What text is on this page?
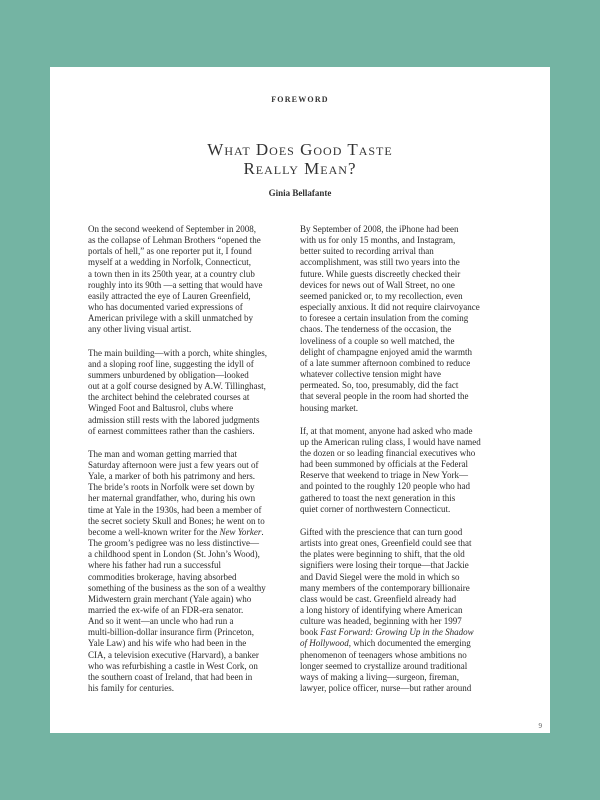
FOREWORD
What Does Good Taste
Really Mean?
Ginia Bellafante

On the second weekend of September in 2008,
as the collapse of Lehman Brothers “opened the
portals of hell,” as one reporter put it, I found
myself at a wedding in Norfolk, Connecticut,
a town then in its 250th year, at a country club
roughly into its 90th —a setting that would have
easily attracted the eye of Lauren Greenfield,
who has documented varied expressions of
American privilege with a skill unmatched by
any other living visual artist.

The main building—with a porch, white shingles,
and a sloping roof line, suggesting the idyll of
summers unburdened by obligation—looked
out at a golf course designed by A.W. Tillinghast,
the architect behind the celebrated courses at
Winged Foot and Baltusrol, clubs where
admission still rests with the labored judgments
of earnest committees rather than the cashiers.

The man and woman getting married that
Saturday afternoon were just a few years out of
Yale, a marker of both his patrimony and hers.
The bride’s roots in Norfolk were set down by
her maternal grandfather, who, during his own
time at Yale in the 1930s, had been a member of
the secret society Skull and Bones; he went on to
become a well-known writer for the New Yorker.
The groom’s pedigree was no less distinctive—
a childhood spent in London (St. John’s Wood),
where his father had run a successful
commodities brokerage, having absorbed
something of the business as the son of a wealthy
Midwestern grain merchant (Yale again) who
married the ex-wife of an FDR-era senator.
And so it went—an uncle who had run a
multi-billion-dollar insurance firm (Princeton,
Yale Law) and his wife who had been in the
CIA, a television executive (Harvard), a banker
who was refurbishing a castle in West Cork, on
the southern coast of Ireland, that had been in
his family for centuries.

By September of 2008, the iPhone had been
with us for only 15 months, and Instagram,
better suited to recording arrival than
accomplishment, was still two years into the
future. While guests discreetly checked their
devices for news out of Wall Street, no one
seemed panicked or, to my recollection, even
especially anxious. It did not require clairvoyance
to foresee a certain insulation from the coming
chaos. The tenderness of the occasion, the
loveliness of a couple so well matched, the
delight of champagne enjoyed amid the warmth
of a late summer afternoon combined to reduce
whatever collective tension might have
permeated. So, too, presumably, did the fact
that several people in the room had shorted the
housing market.

If, at that moment, anyone had asked who made
up the American ruling class, I would have named
the dozen or so leading financial executives who
had been summoned by officials at the Federal
Reserve that weekend to triage in New York—
and pointed to the roughly 120 people who had
gathered to toast the next generation in this
quiet corner of northwestern Connecticut.

Gifted with the prescience that can turn good
artists into great ones, Greenfield could see that
the plates were beginning to shift, that the old
signifiers were losing their torque—that Jackie
and David Siegel were the mold in which so
many members of the contemporary billionaire
class would be cast. Greenfield already had
a long history of identifying where American
culture was headed, beginning with her 1997
book Fast Forward: Growing Up in the Shadow
of Hollywood, which documented the emerging
phenomenon of teenagers whose ambitions no
longer seemed to crystallize around traditional
ways of making a living—surgeon, fireman,
lawyer, police officer, nurse—but rather around

9
